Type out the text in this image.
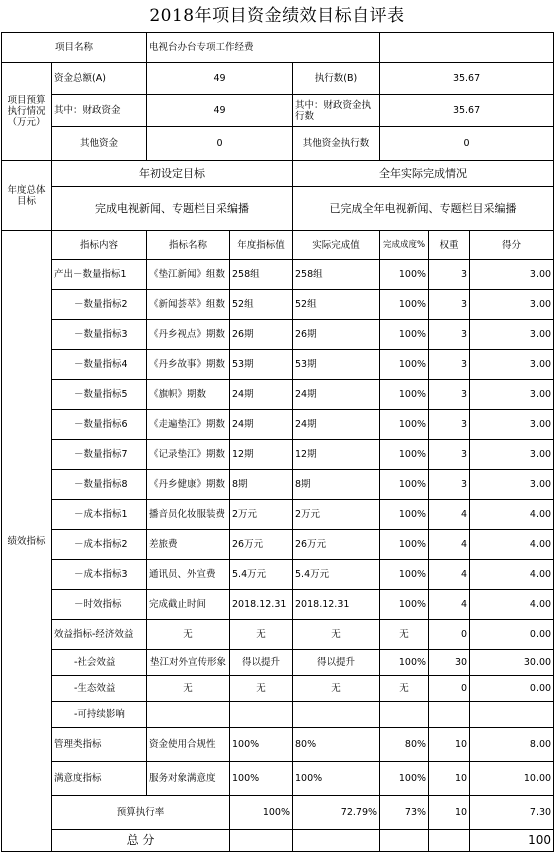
2018年项目资金绩效目标自评表
项目名称		电视台办台专项工作经费						
项目预算执行情况（万元）	资金总额(A)	49		执行数(B)	35.67			
	其中：财政资金	49		其中：财政资金执行数	35.67			
	其他资金	0		其他资金执行数	0			
年度总体目标	年初设定目标			全年实际完成情况				
	完成电视新闻、专题栏目采编播			已完成全年电视新闻、专题栏目采编播				
绩效指标	指标内容	指标名称	年度指标值	实际完成值	完成成度%	权重	得分	
	产出－数量指标1	《垫江新闻》组数	258组	258组	100%	3	3.00	
	－数量指标2	《新闻荟萃》组数	52组	52组	100%	3	3.00	
	－数量指标3	《丹乡视点》期数	26期	26期	100%	3	3.00	
	－数量指标4	《丹乡故事》期数	53期	53期	100%	3	3.00	
	－数量指标5	《旗帜》期数	24期	24期	100%	3	3.00	
	－数量指标6	《走遍垫江》期数	24期	24期	100%	3	3.00	
	－数量指标7	《记录垫江》期数	12期	12期	100%	3	3.00	
	－数量指标8	《丹乡健康》期数	8期	8期	100%	3	3.00	
	－成本指标1	播音员化妆服装费	2万元	2万元	100%	4	4.00	
	－成本指标2	差旅费	26万元	26万元	100%	4	4.00	
	－成本指标3	通讯员、外宣费	5.4万元	5.4万元	100%	4	4.00	
	－时效指标	完成截止时间	2018.12.31	2018.12.31	100%	4	4.00	
	效益指标-经济效益	无	无	无	无	0	0.00	
	-社会效益	垫江对外宣传形象	得以提升	得以提升	100%	30	30.00	
	-生态效益	无	无	无	无	0	0.00	
	-可持续影响							
	管理类指标	资金使用合规性	100%	80%	80%	10	8.00	
	满意度指标	服务对象满意度	100%	100%	100%	10	10.00	
	预算执行率		100%	72.79%	73%	10	7.30	
	总 分						100	
